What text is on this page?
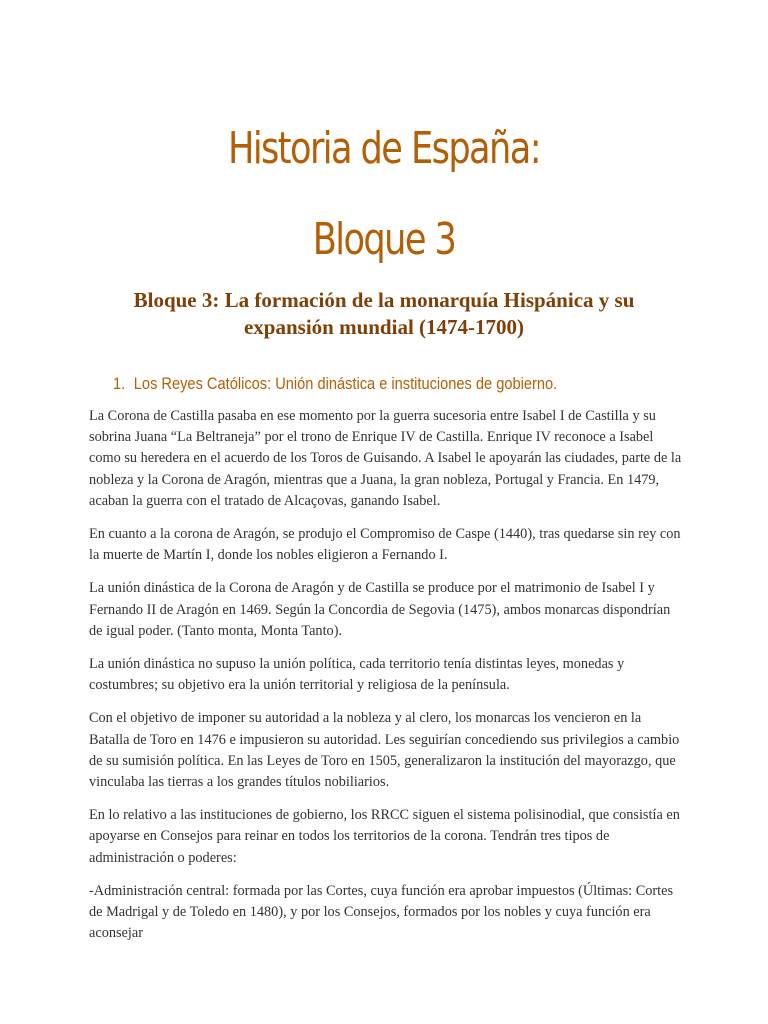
Historia de España:
Bloque 3
Bloque 3: La formación de la monarquía Hispánica y su expansión mundial (1474-1700)
1. Los Reyes Católicos: Unión dinástica e instituciones de gobierno.

La Corona de Castilla pasaba en ese momento por la guerra sucesoria entre Isabel I de Castilla y su sobrina Juana “La Beltraneja” por el trono de Enrique IV de Castilla. Enrique IV reconoce a Isabel como su heredera en el acuerdo de los Toros de Guisando. A Isabel le apoyarán las ciudades, parte de la nobleza y la Corona de Aragón, mientras que a Juana, la gran nobleza, Portugal y Francia. En 1479, acaban la guerra con el tratado de Alcaçovas, ganando Isabel.

En cuanto a la corona de Aragón, se produjo el Compromiso de Caspe (1440), tras quedarse sin rey con la muerte de Martín I, donde los nobles eligieron a Fernando I.

La unión dinástica de la Corona de Aragón y de Castilla se produce por el matrimonio de Isabel I y Fernando II de Aragón en 1469. Según la Concordia de Segovia (1475), ambos monarcas dispondrían de igual poder. (Tanto monta, Monta Tanto).

La unión dinástica no supuso la unión política, cada territorio tenía distintas leyes, monedas y costumbres; su objetivo era la unión territorial y religiosa de la península.

Con el objetivo de imponer su autoridad a la nobleza y al clero, los monarcas los vencieron en la Batalla de Toro en 1476 e impusieron su autoridad. Les seguirían concediendo sus privilegios a cambio de su sumisión política. En las Leyes de Toro en 1505, generalizaron la institución del mayorazgo, que vinculaba las tierras a los grandes títulos nobiliarios.

En lo relativo a las instituciones de gobierno, los RRCC siguen el sistema polisinodial, que consistía en apoyarse en Consejos para reinar en todos los territorios de la corona. Tendrán tres tipos de administración o poderes:

-Administración central: formada por las Cortes, cuya función era aprobar impuestos (Últimas: Cortes de Madrigal y de Toledo en 1480), y por los Consejos, formados por los nobles y cuya función era aconsejar
